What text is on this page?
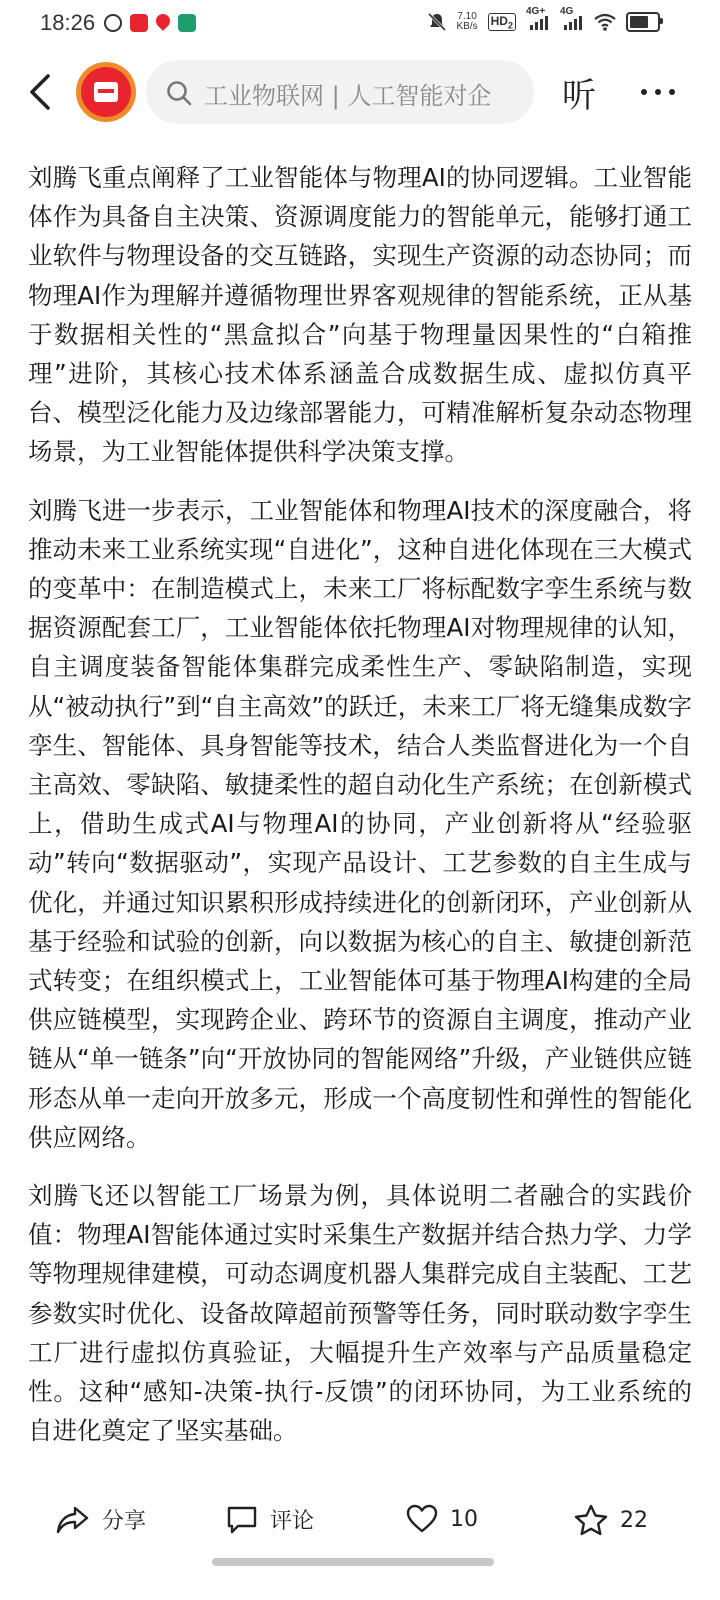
18:26	7.10
KB/s $HD_2$
4G+ 4G
工业物联网 | 人工智能对企	听

刘腾飞重点阐释了工业智能体与物理AI的协同逻辑。工业智能体作为具备自主决策、资源调度能力的智能单元，能够打通工业软件与物理设备的交互链路，实现生产资源的动态协同；而物理AI作为理解并遵循物理世界客观规律的智能系统，正从基于数据相关性的“黑盒拟合”向基于物理量因果性的“白箱推理”进阶，其核心技术体系涵盖合成数据生成、虚拟仿真平台、模型泛化能力及边缘部署能力，可精准解析复杂动态物理场景，为工业智能体提供科学决策支撑。

刘腾飞进一步表示，工业智能体和物理AI技术的深度融合，将推动未来工业系统实现“自进化”，这种自进化体现在三大模式的变革中：在制造模式上，未来工厂将标配数字孪生系统与数据资源配套工厂，工业智能体依托物理AI对物理规律的认知，自主调度装备智能体集群完成柔性生产、零缺陷制造，实现从“被动执行”到“自主高效”的跃迁，未来工厂将无缝集成数字孪生、智能体、具身智能等技术，结合人类监督进化为一个自主高效、零缺陷、敏捷柔性的超自动化生产系统；在创新模式上，借助生成式AI与物理AI的协同，产业创新将从“经验驱动”转向“数据驱动”，实现产品设计、工艺参数的自主生成与优化，并通过知识累积形成持续进化的创新闭环，产业创新从基于经验和试验的创新，向以数据为核心的自主、敏捷创新范式转变；在组织模式上，工业智能体可基于物理AI构建的全局供应链模型，实现跨企业、跨环节的资源自主调度，推动产业链从“单一链条”向“开放协同的智能网络”升级，产业链供应链形态从单一走向开放多元，形成一个高度韧性和弹性的智能化供应网络。

刘腾飞还以智能工厂场景为例，具体说明二者融合的实践价值：物理AI智能体通过实时采集生产数据并结合热力学、力学等物理规律建模，可动态调度机器人集群完成自主装配、工艺参数实时优化、设备故障超前预警等任务，同时联动数字孪生工厂进行虚拟仿真验证，大幅提升生产效率与产品质量稳定性。这种“感知-决策-执行-反馈”的闭环协同，为工业系统的自进化奠定了坚实基础。

分享	评论	10	22
